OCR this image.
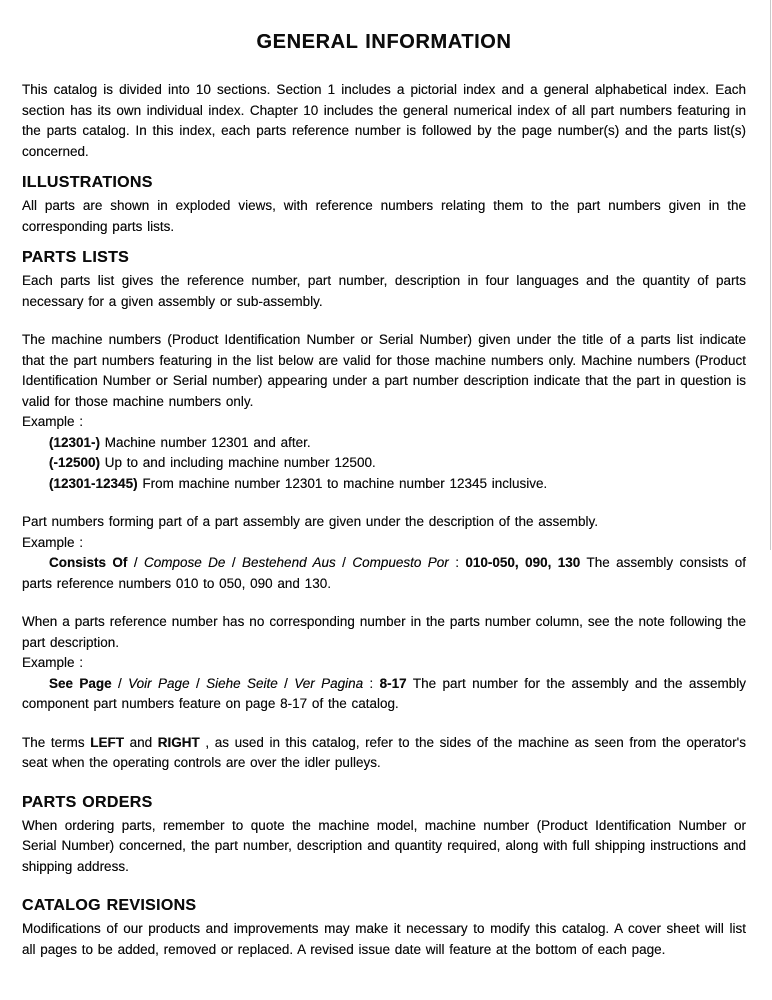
GENERAL INFORMATION

This catalog is divided into 10 sections. Section 1 includes a pictorial index and a general alphabetical index. Each section has its own individual index. Chapter 10 includes the general numerical index of all part numbers featuring in the parts catalog. In this index, each parts reference number is followed by the page number(s) and the parts list(s) concerned.

ILLUSTRATIONS

All parts are shown in exploded views, with reference numbers relating them to the part numbers given in the corresponding parts lists.

PARTS LISTS

Each parts list gives the reference number, part number, description in four languages and the quantity of parts necessary for a given assembly or sub-assembly.

The machine numbers (Product Identification Number or Serial Number) given under the title of a parts list indicate that the part numbers featuring in the list below are valid for those machine numbers only. Machine numbers (Product Identification Number or Serial number) appearing under a part number description indicate that the part in question is valid for those machine numbers only.

Example :
(12301-) Machine number 12301 and after.
(-12500) Up to and including machine number 12500.
(12301-12345) From machine number 12301 to machine number 12345 inclusive.

Part numbers forming part of a part assembly are given under the description of the assembly.

Example :

Consists Of / Compose De / Bestehend Aus / Compuesto Por : 010-050, 090, 130 The assembly consists of parts reference numbers 010 to 050, 090 and 130.

When a parts reference number has no corresponding number in the parts number column, see the note following the part description.

Example :

See Page / Voir Page / Siehe Seite / Ver Pagina : 8-17 The part number for the assembly and the assembly component part numbers feature on page 8-17 of the catalog.

The terms LEFT and RIGHT , as used in this catalog, refer to the sides of the machine as seen from the operator's seat when the operating controls are over the idler pulleys.

PARTS ORDERS

When ordering parts, remember to quote the machine model, machine number (Product Identification Number or Serial Number) concerned, the part number, description and quantity required, along with full shipping instructions and shipping address.

CATALOG REVISIONS

Modifications of our products and improvements may make it necessary to modify this catalog. A cover sheet will list all pages to be added, removed or replaced. A revised issue date will feature at the bottom of each page.
